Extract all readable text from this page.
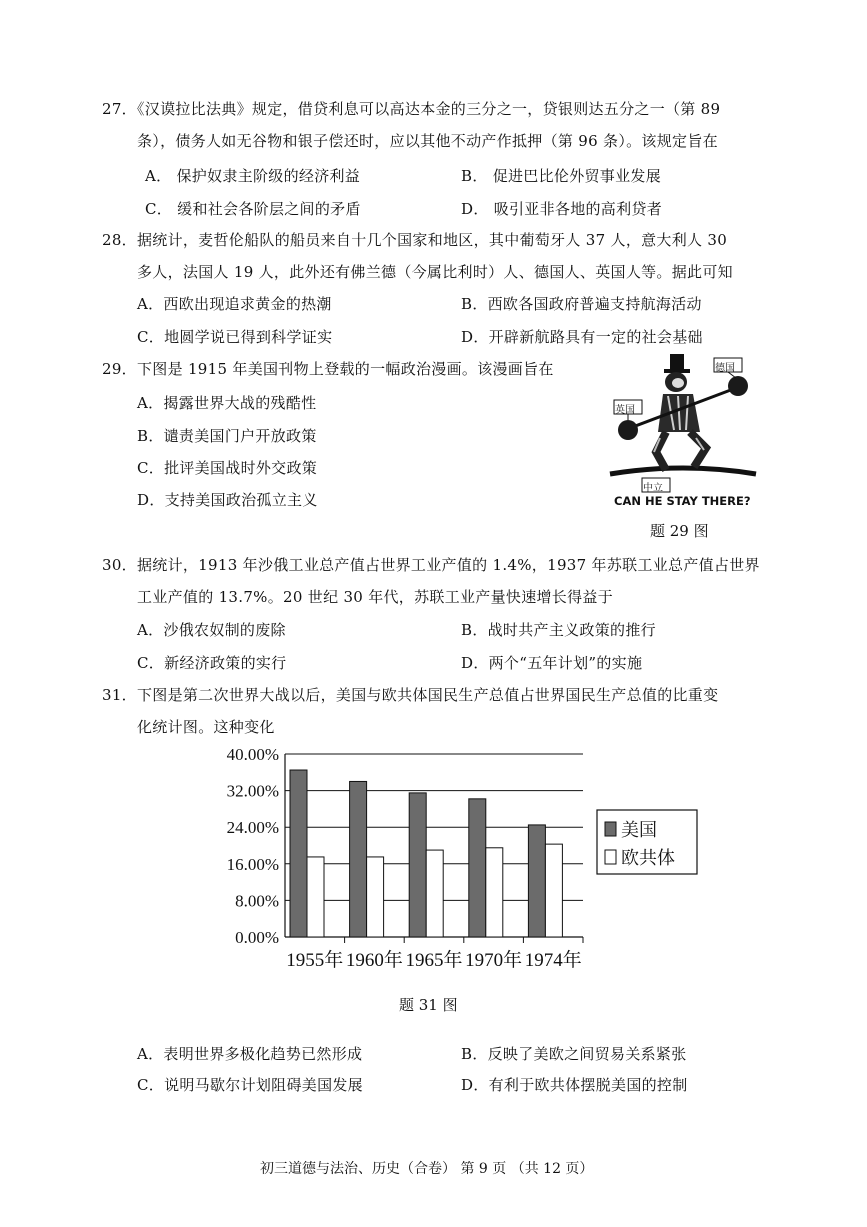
27．《汉谟拉比法典》规定，借贷利息可以高达本金的三分之一，贷银则达五分之一（第 89
条），债务人如无谷物和银子偿还时，应以其他不动产作抵押（第 96 条）。该规定旨在
A． 保护奴隶主阶级的经济利益	B． 促进巴比伦外贸事业发展
C． 缓和社会各阶层之间的矛盾	D． 吸引亚非各地的高利贷者
28．据统计，麦哲伦船队的船员来自十几个国家和地区，其中葡萄牙人 37 人，意大利人 30
多人，法国人 19 人，此外还有佛兰德（今属比利时）人、德国人、英国人等。据此可知
A．西欧出现追求黄金的热潮	B．西欧各国政府普遍支持航海活动
C．地圆学说已得到科学证实	D．开辟新航路具有一定的社会基础
29．下图是 1915 年美国刊物上登载的一幅政治漫画。该漫画旨在
A．揭露世界大战的残酷性
B．谴责美国门户开放政策
C．批评美国战时外交政策
D．支持美国政治孤立主义
德国
英国
中立
CAN HE STAY THERE?
题 29 图
30．据统计，1913 年沙俄工业总产值占世界工业产值的 1.4%，1937 年苏联工业总产值占世界
工业产值的 13.7%。20 世纪 30 年代，苏联工业产量快速增长得益于
A．沙俄农奴制的废除	B．战时共产主义政策的推行
C．新经济政策的实行	D．两个“五年计划”的实施
31．下图是第二次世界大战以后，美国与欧共体国民生产总值占世界国民生产总值的比重变
化统计图。这种变化
0.00%
8.00%
16.00%
24.00%
32.00%
40.00%
1955年 1960年 1965年 1970年 1974年
美国
欧共体
题 31 图
A．表明世界多极化趋势已然形成	B．反映了美欧之间贸易关系紧张
C．说明马歇尔计划阻碍美国发展	D．有利于欧共体摆脱美国的控制
初三道德与法治、历史（合卷） 第 9 页 （共 12 页）
